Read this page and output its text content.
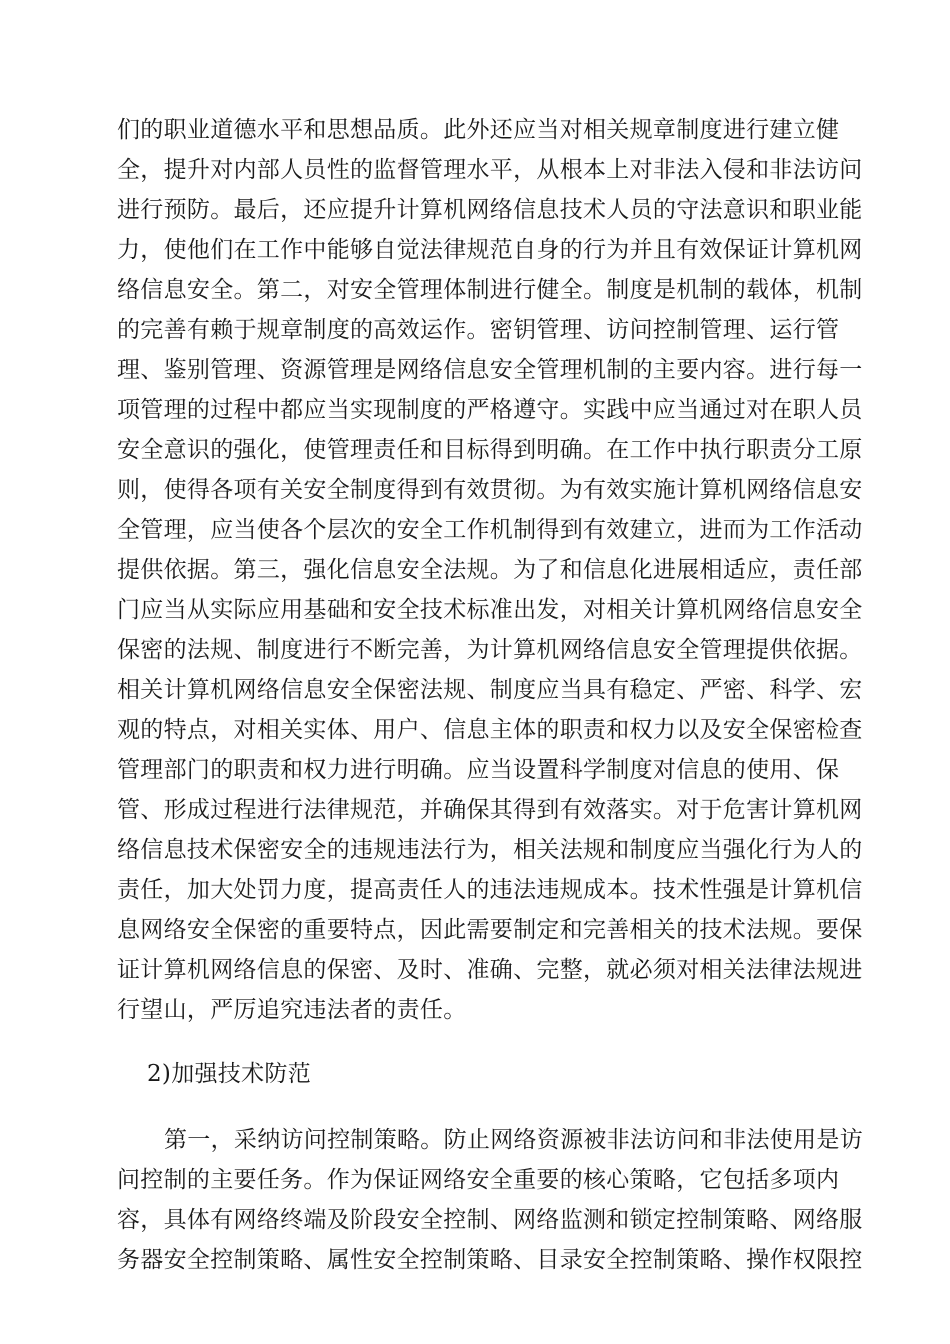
们的职业道德水平和思想品质。此外还应当对相关规章制度进行建立健
全，提升对内部人员性的监督管理水平，从根本上对非法入侵和非法访问
进行预防。最后，还应提升计算机网络信息技术人员的守法意识和职业能
力，使他们在工作中能够自觉法律规范自身的行为并且有效保证计算机网
络信息安全。第二，对安全管理体制进行健全。制度是机制的载体，机制
的完善有赖于规章制度的高效运作。密钥管理、访问控制管理、运行管
理、鉴别管理、资源管理是网络信息安全管理机制的主要内容。进行每一
项管理的过程中都应当实现制度的严格遵守。实践中应当通过对在职人员
安全意识的强化，使管理责任和目标得到明确。在工作中执行职责分工原
则，使得各项有关安全制度得到有效贯彻。为有效实施计算机网络信息安
全管理，应当使各个层次的安全工作机制得到有效建立，进而为工作活动
提供依据。第三，强化信息安全法规。为了和信息化进展相适应，责任部
门应当从实际应用基础和安全技术标准出发，对相关计算机网络信息安全
保密的法规、制度进行不断完善，为计算机网络信息安全管理提供依据。
相关计算机网络信息安全保密法规、制度应当具有稳定、严密、科学、宏
观的特点，对相关实体、用户、信息主体的职责和权力以及安全保密检查
管理部门的职责和权力进行明确。应当设置科学制度对信息的使用、保
管、形成过程进行法律规范，并确保其得到有效落实。对于危害计算机网
络信息技术保密安全的违规违法行为，相关法规和制度应当强化行为人的
责任，加大处罚力度，提高责任人的违法违规成本。技术性强是计算机信
息网络安全保密的重要特点，因此需要制定和完善相关的技术法规。要保
证计算机网络信息的保密、及时、准确、完整，就必须对相关法律法规进
行望山，严厉追究违法者的责任。
2)加强技术防范
第一，采纳访问控制策略。防止网络资源被非法访问和非法使用是访
问控制的主要任务。作为保证网络安全重要的核心策略，它包括多项内
容，具体有网络终端及阶段安全控制、网络监测和锁定控制策略、网络服
务器安全控制策略、属性安全控制策略、目录安全控制策略、操作权限控
